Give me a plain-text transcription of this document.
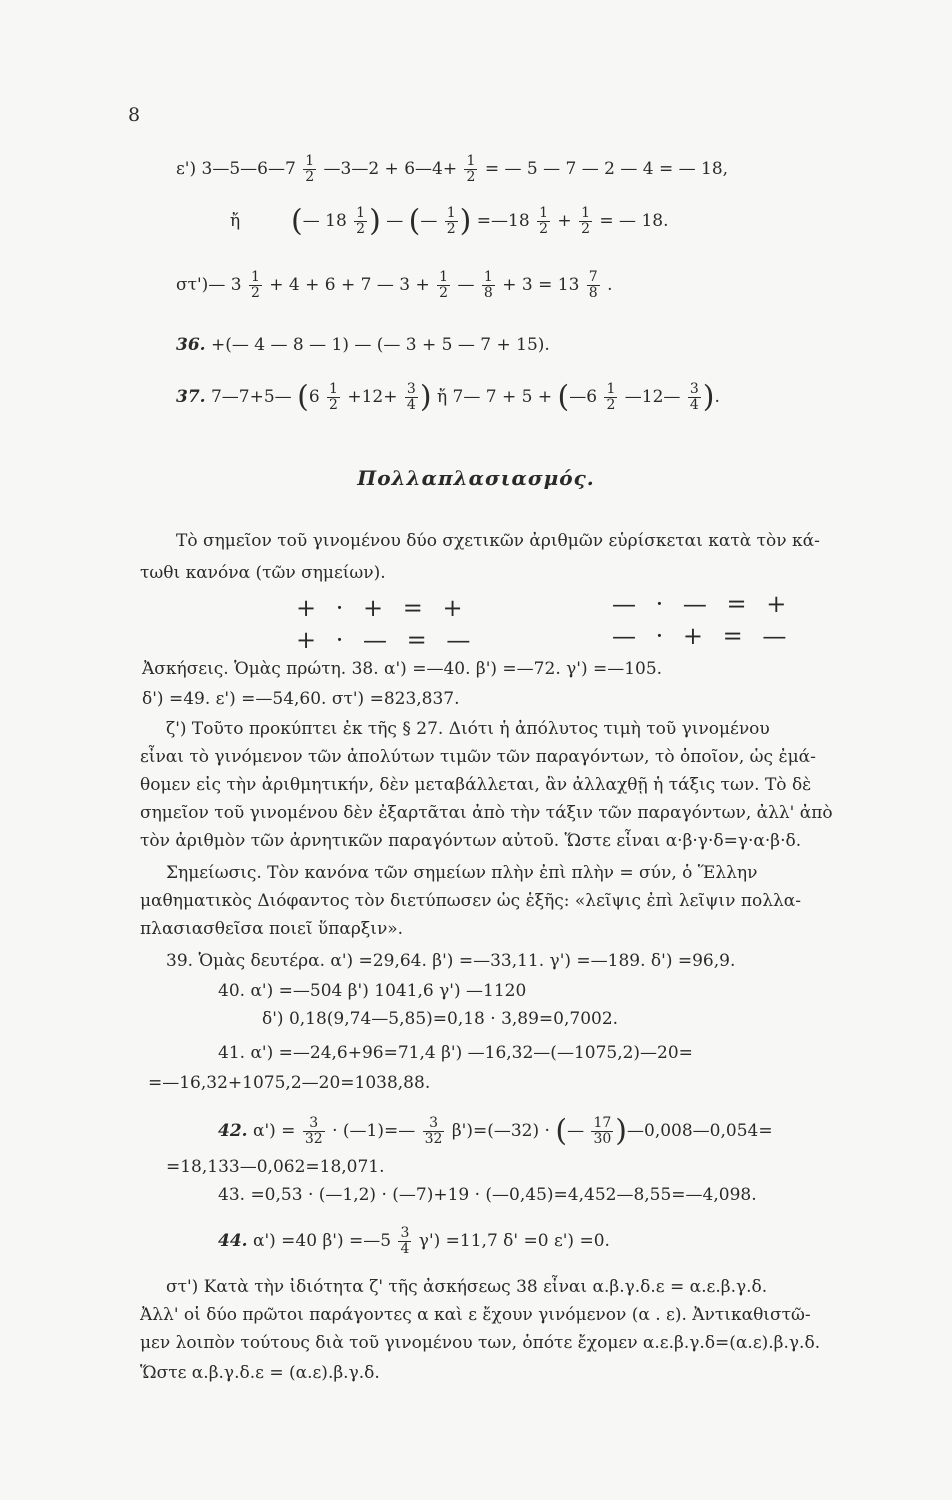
8
ε') 3—5—6—7 $\frac{1}{2}$ —3—2 + 6—4+ $\frac{1}{2}$ = — 5 — 7 — 2 — 4 = — 18,
ἤ (— $18 \frac{1}{2}$ ) — (— $\frac{1}{2}$ ) =—18 $\frac{1}{2} + \frac{1}{2}$ = — 18.
στ')— $3 \frac{1}{2} + 4 + 6 + 7$ — $3 + \frac{1}{2}$ — $\frac{1}{8} + 3 = 13 \frac{7}{8}$ .
36. +(— 4 — 8 — 1) — (— 3 + 5 — 7 + 15).
37. 7—7+5— ($6 \frac{1}{2} +12+ \frac{3}{4}$ ) ἤ 7— 7 + 5 + (—6 $\frac{1}{2}$ —12— $\frac{3}{4}$ ).
Πολλαπλασιασμός.
Τὸ σημεῖον τοῦ γινομένου δύο σχετικῶν ἀριθμῶν εὑρίσκεται κατὰ τὸν κά-
τωθι κανόνα (τῶν σημείων).
+ · + = +	— · — = +
+ · — = —	— · + = —
Ἀσκήσεις. Ὁμὰς πρώτη. 38. α') =—40. β') =—72. γ') =—105.
δ') =49. ε') =—54,60. στ') =823,837.
ζ') Τοῦτο προκύπτει ἐκ τῆς § 27. Διότι ἡ ἀπόλυτος τιμὴ τοῦ γινομένου
εἶναι τὸ γινόμενον τῶν ἀπολύτων τιμῶν τῶν παραγόντων, τὸ ὁποῖον, ὡς ἐμά-
θομεν εἰς τὴν ἀριθμητικήν, δὲν μεταβάλλεται, ἂν ἀλλαχθῇ ἡ τάξις των. Τὸ δὲ
σημεῖον τοῦ γινομένου δὲν ἐξαρτᾶται ἀπὸ τὴν τάξιν τῶν παραγόντων, ἀλλ' ἀπὸ
τὸν ἀριθμὸν τῶν ἀρνητικῶν παραγόντων αὐτοῦ. Ὥστε εἶναι α·β·γ·δ=γ·α·β·δ.
Σημείωσις. Τὸν κανόνα τῶν σημείων πλὴν ἐπὶ πλὴν = σύν, ὁ Ἕλλην
μαθηματικὸς Διόφαντος τὸν διετύπωσεν ὡς ἑξῆς: «λεῖψις ἐπὶ λεῖψιν πολλα-
πλασιασθεῖσα ποιεῖ ὕπαρξιν».
39. Ὁμὰς δευτέρα. α') =29,64. β') =—33,11. γ') =—189. δ') =96,9.
40. α') =—504 β') 1041,6 γ') —1120
δ') 0,18(9,74—5,85)=0,18 · 3,89=0,7002.
41. α') =—24,6+96=71,4 β') —16,32—(—1075,2)—20=
=—16,32+1075,2—20=1038,88.
42. $\alpha') = \frac{3}{32}$ · (—1)=— $\frac{3}{32}$ β')=(—32) · (— $\frac{17}{30}$ )—0,008—0,054=
=18,133—0,062=18,071.
43. =0,53 · (—1,2) · (—7)+19 · (—0,45)=4,452—8,55=—4,098.
44. α') =40 β') =—5 $\frac{3}{4} \gamma') =11,7$ δ' =0 ε') =0.
στ') Κατὰ τὴν ἰδιότητα ζ' τῆς ἀσκήσεως 38 εἶναι α.β.γ.δ.ε = α.ε.β.γ.δ.
Ἀλλ' οἱ δύο πρῶτοι παράγοντες α καὶ ε ἔχουν γινόμενον (α . ε). Ἀντικαθιστῶ-
μεν λοιπὸν τούτους διὰ τοῦ γινομένου των, ὁπότε ἔχομεν α.ε.β.γ.δ=(α.ε).β.γ.δ.
Ὥστε α.β.γ.δ.ε = (α.ε).β.γ.δ.
